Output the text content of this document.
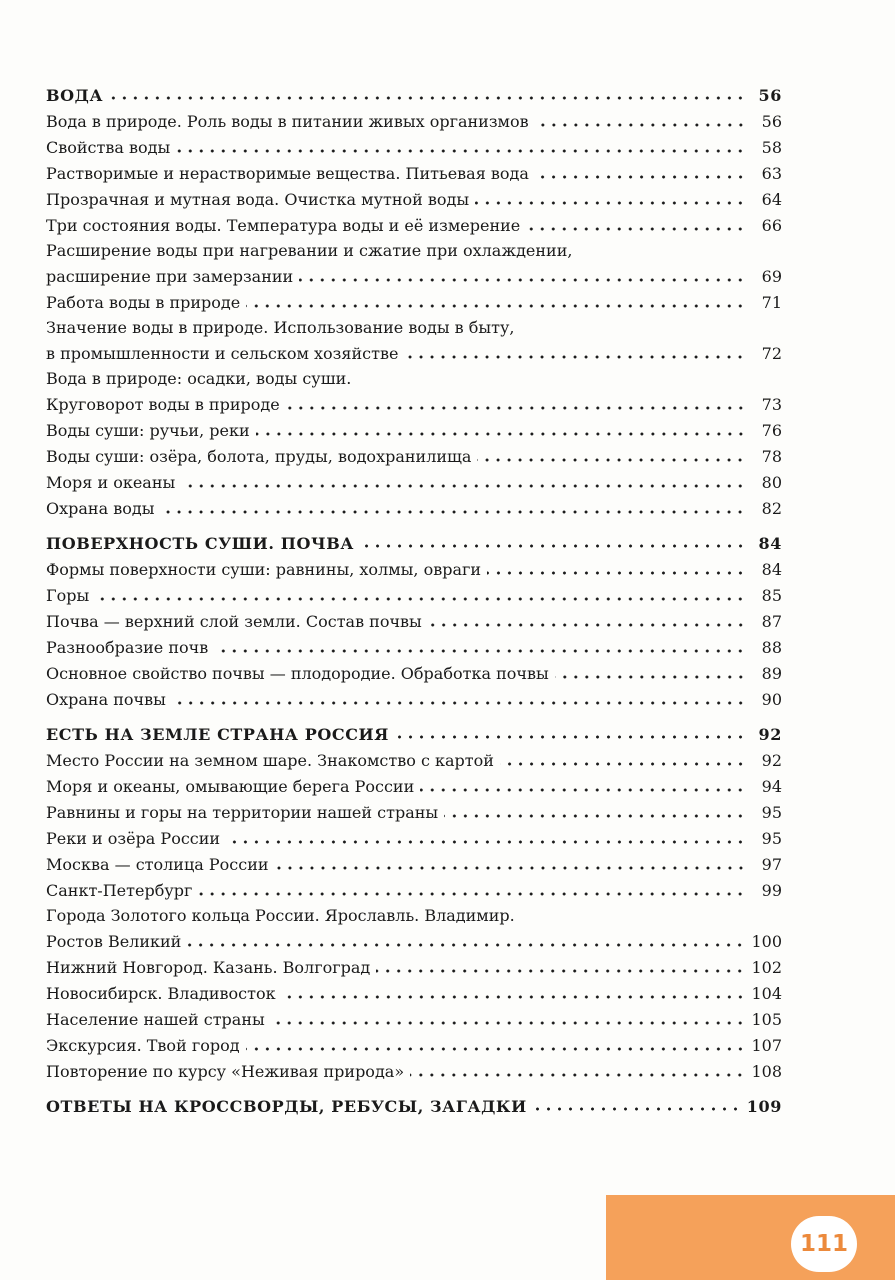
ВОДА	56
Вода в природе. Роль воды в питании живых организмов	56
Свойства воды	58
Растворимые и нерастворимые вещества. Питьевая вода	63
Прозрачная и мутная вода. Очистка мутной воды	64
Три состояния воды. Температура воды и её измерение	66
Расширение воды при нагревании и сжатие при охлаждении,
расширение при замерзании	69
Работа воды в природе	71
Значение воды в природе. Использование воды в быту,
в промышленности и сельском хозяйстве	72
Вода в природе: осадки, воды суши.
Круговорот воды в природе	73
Воды суши: ручьи, реки	76
Воды суши: озёра, болота, пруды, водохранилища	78
Моря и океаны	80
Охрана воды	82
ПОВЕРХНОСТЬ СУШИ. ПОЧВА	84
Формы поверхности суши: равнины, холмы, овраги	84
Горы	85
Почва — верхний слой земли. Состав почвы	87
Разнообразие почв	88
Основное свойство почвы — плодородие. Обработка почвы	89
Охрана почвы	90
ЕСТЬ НА ЗЕМЛЕ СТРАНА РОССИЯ	92
Место России на земном шаре. Знакомство с картой	92
Моря и океаны, омывающие берега России	94
Равнины и горы на территории нашей страны	95
Реки и озёра России	95
Москва — столица России	97
Санкт-Петербург	99
Города Золотого кольца России. Ярославль. Владимир.
Ростов Великий	100
Нижний Новгород. Казань. Волгоград	102
Новосибирск. Владивосток	104
Население нашей страны	105
Экскурсия. Твой город	107
Повторение по курсу «Неживая природа»	108
ОТВЕТЫ НА КРОССВОРДЫ, РЕБУСЫ, ЗАГАДКИ	109
111
